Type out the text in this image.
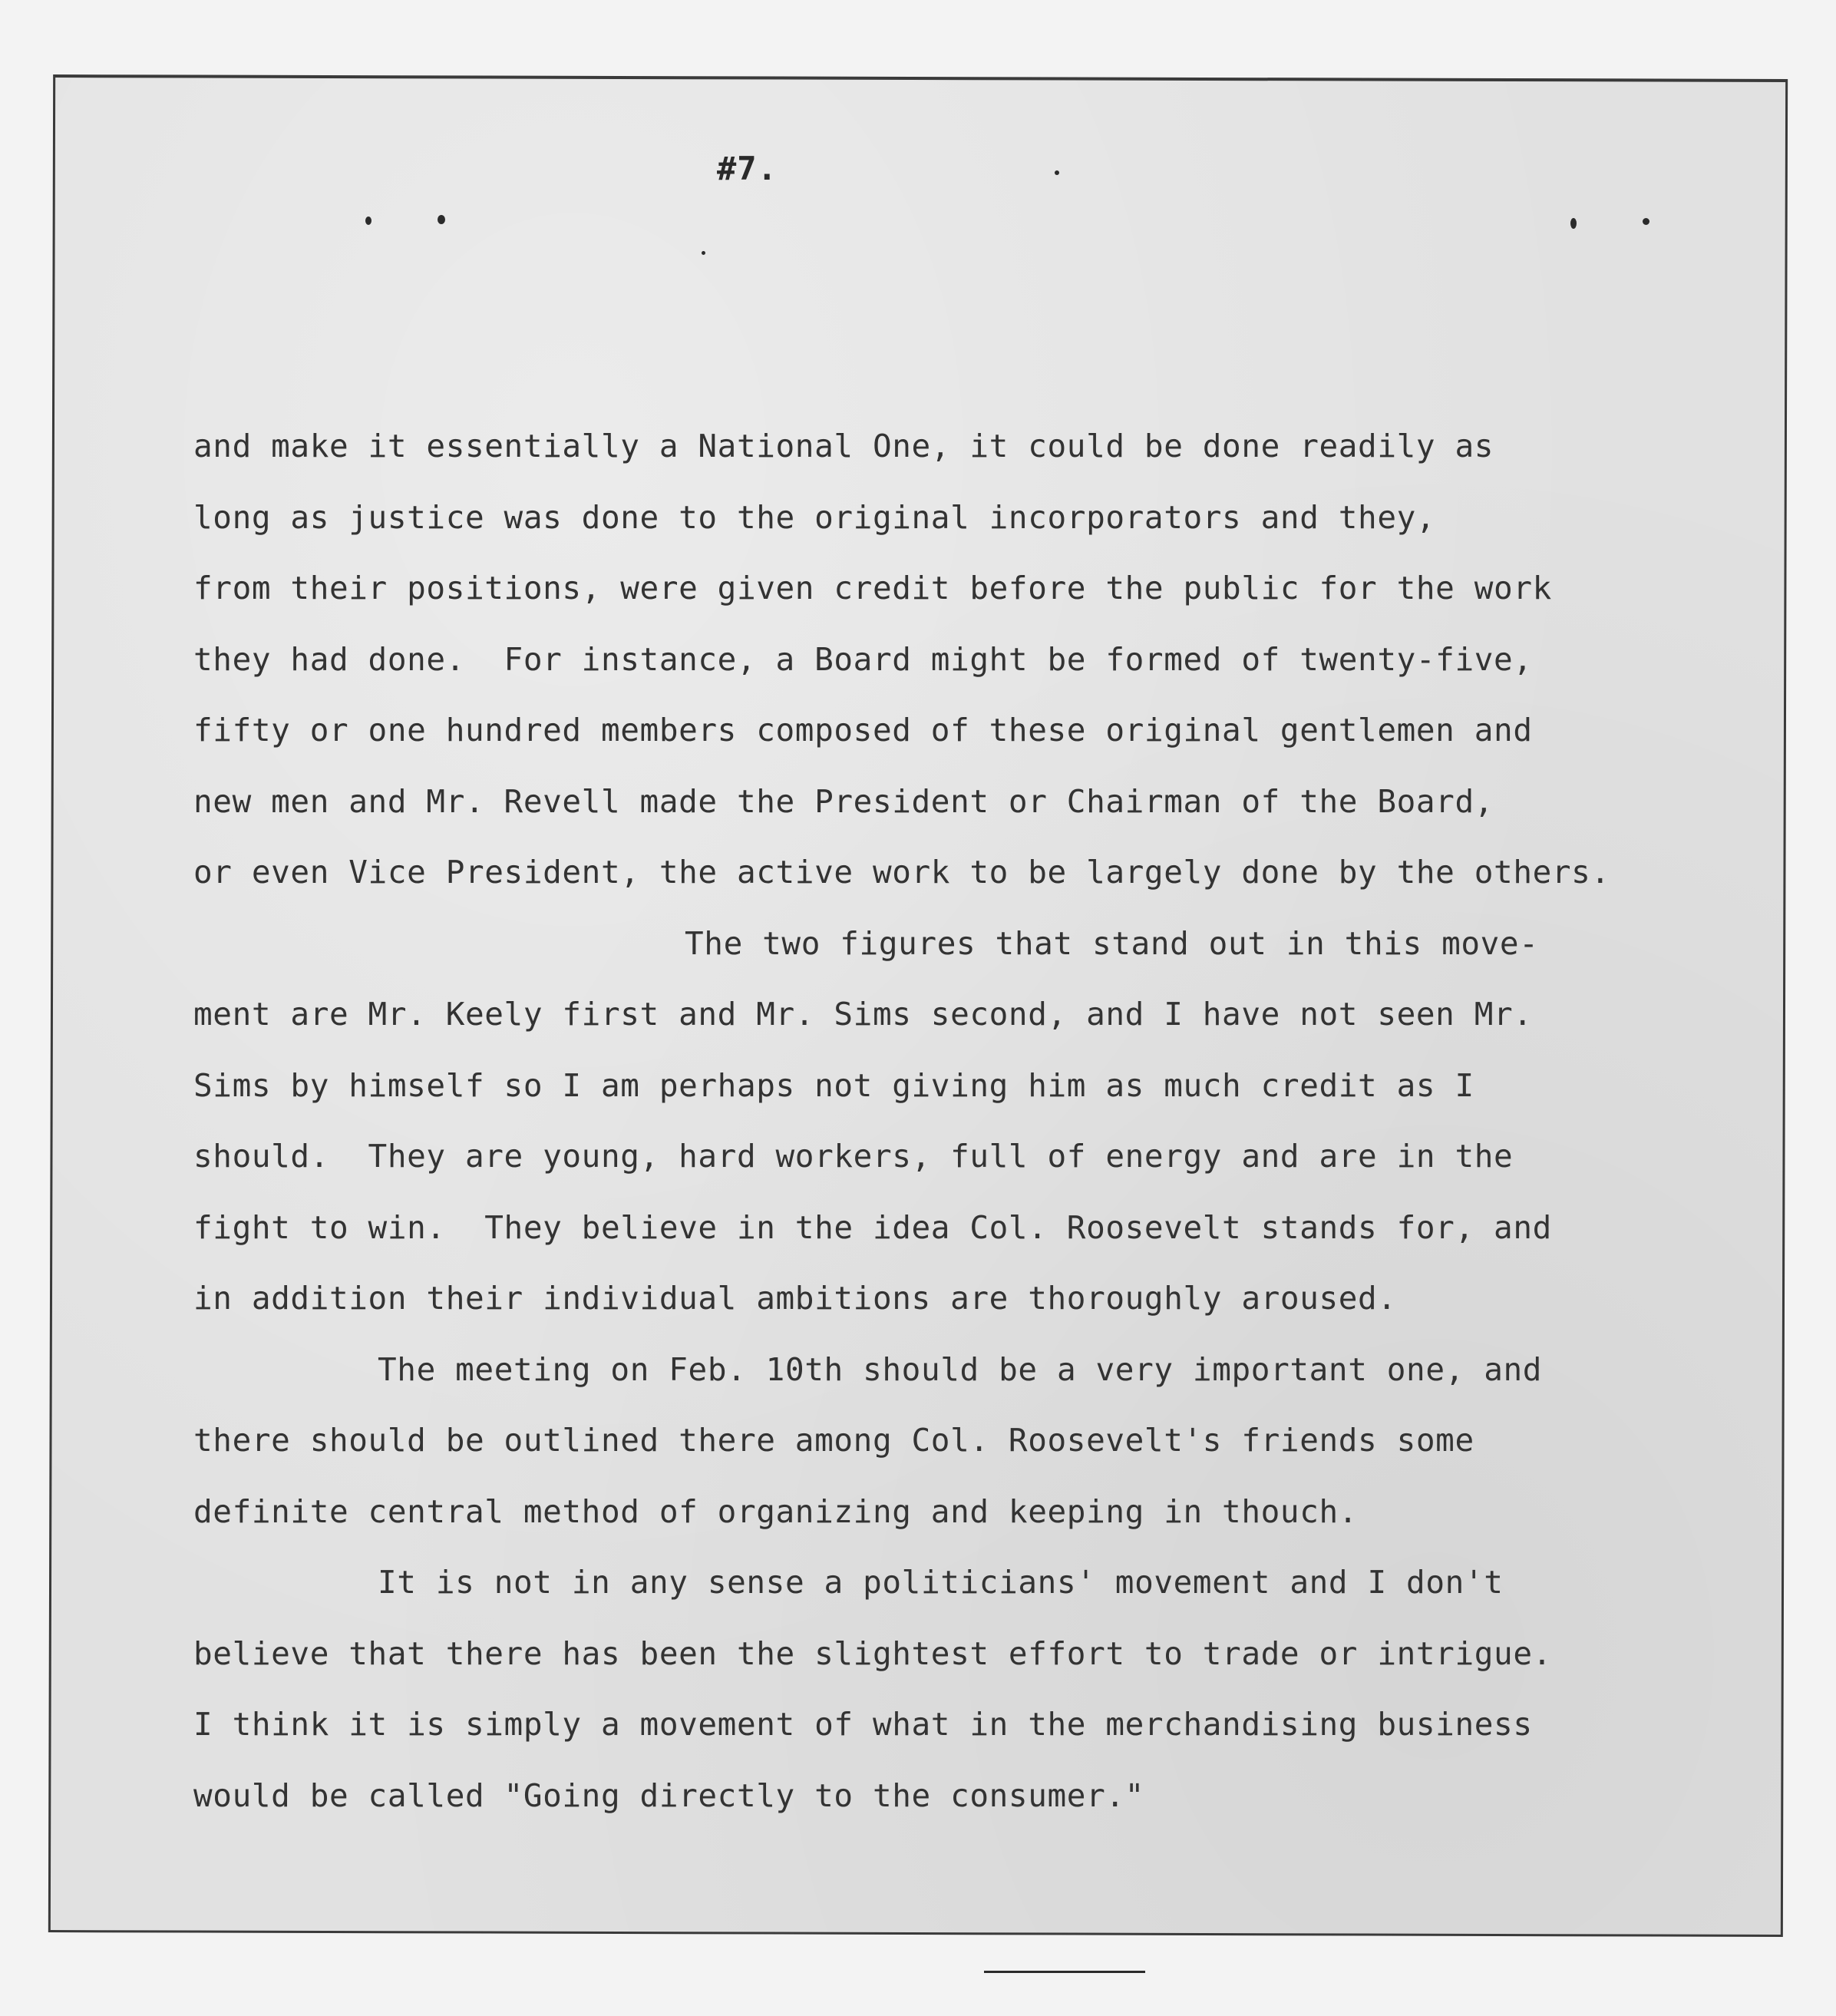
#7.

and make it essentially a National One, it could be done readily as
long as justice was done to the original incorporators and they,
from their positions, were given credit before the public for the work
they had done.  For instance, a Board might be formed of twenty-five,
fifty or one hundred members composed of these original gentlemen and
new men and Mr. Revell made the President or Chairman of the Board,
or even Vice President, the active work to be largely done by the others.
The two figures that stand out in this move-
ment are Mr. Keely first and Mr. Sims second, and I have not seen Mr.
Sims by himself so I am perhaps not giving him as much credit as I
should.  They are young, hard workers, full of energy and are in the
fight to win.  They believe in the idea Col. Roosevelt stands for, and
in addition their individual ambitions are thoroughly aroused.
The meeting on Feb. 10th should be a very important one, and
there should be outlined there among Col. Roosevelt's friends some
definite central method of organizing and keeping in thouch.
It is not in any sense a politicians' movement and I don't
believe that there has been the slightest effort to trade or intrigue.
I think it is simply a movement of what in the merchandising business
would be called "Going directly to the consumer."
